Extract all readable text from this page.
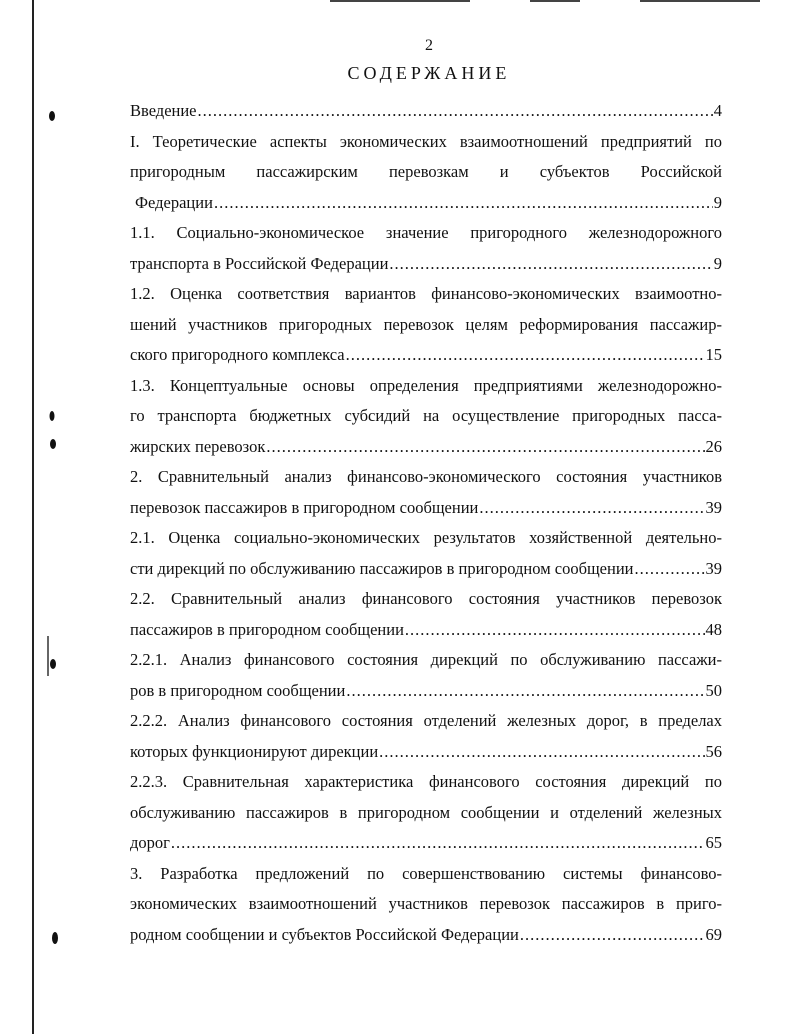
2
СОДЕРЖАНИЕ
Введение .....	4
I. Теоретические аспекты экономических взаимоотношений предприятий по
пригородным пассажирским перевозкам и субъектов Российской
Федерации .....	9
1.1. Социально-экономическое значение пригородного железнодорожного
транспорта в Российской Федерации .....	9
1.2. Оценка соответствия вариантов финансово-экономических взаимоотно-
шений участников пригородных перевозок целям реформирования пассажир-
ского пригородного комплекса .....	15
1.3. Концептуальные основы определения предприятиями железнодорожно-
го транспорта бюджетных субсидий на осуществление пригородных пасса-
жирских перевозок .....	26
2. Сравнительный анализ финансово-экономического состояния участников
перевозок пассажиров в пригородном сообщении .....	39
2.1. Оценка социально-экономических результатов хозяйственной деятельно-
сти дирекций по обслуживанию пассажиров в пригородном сообщении .....	39
2.2. Сравнительный анализ финансового состояния участников перевозок
пассажиров в пригородном сообщении .....	48
2.2.1. Анализ финансового состояния дирекций по обслуживанию пассажи-
ров в пригородном сообщении .....	50
2.2.2. Анализ финансового состояния отделений железных дорог, в пределах
которых функционируют дирекции .....	56
2.2.3. Сравнительная характеристика финансового состояния дирекций по
обслуживанию пассажиров в пригородном сообщении и отделений железных
дорог .....	65
3. Разработка предложений по совершенствованию системы финансово-
экономических взаимоотношений участников перевозок пассажиров в приго-
родном сообщении и субъектов Российской Федерации .....	69
